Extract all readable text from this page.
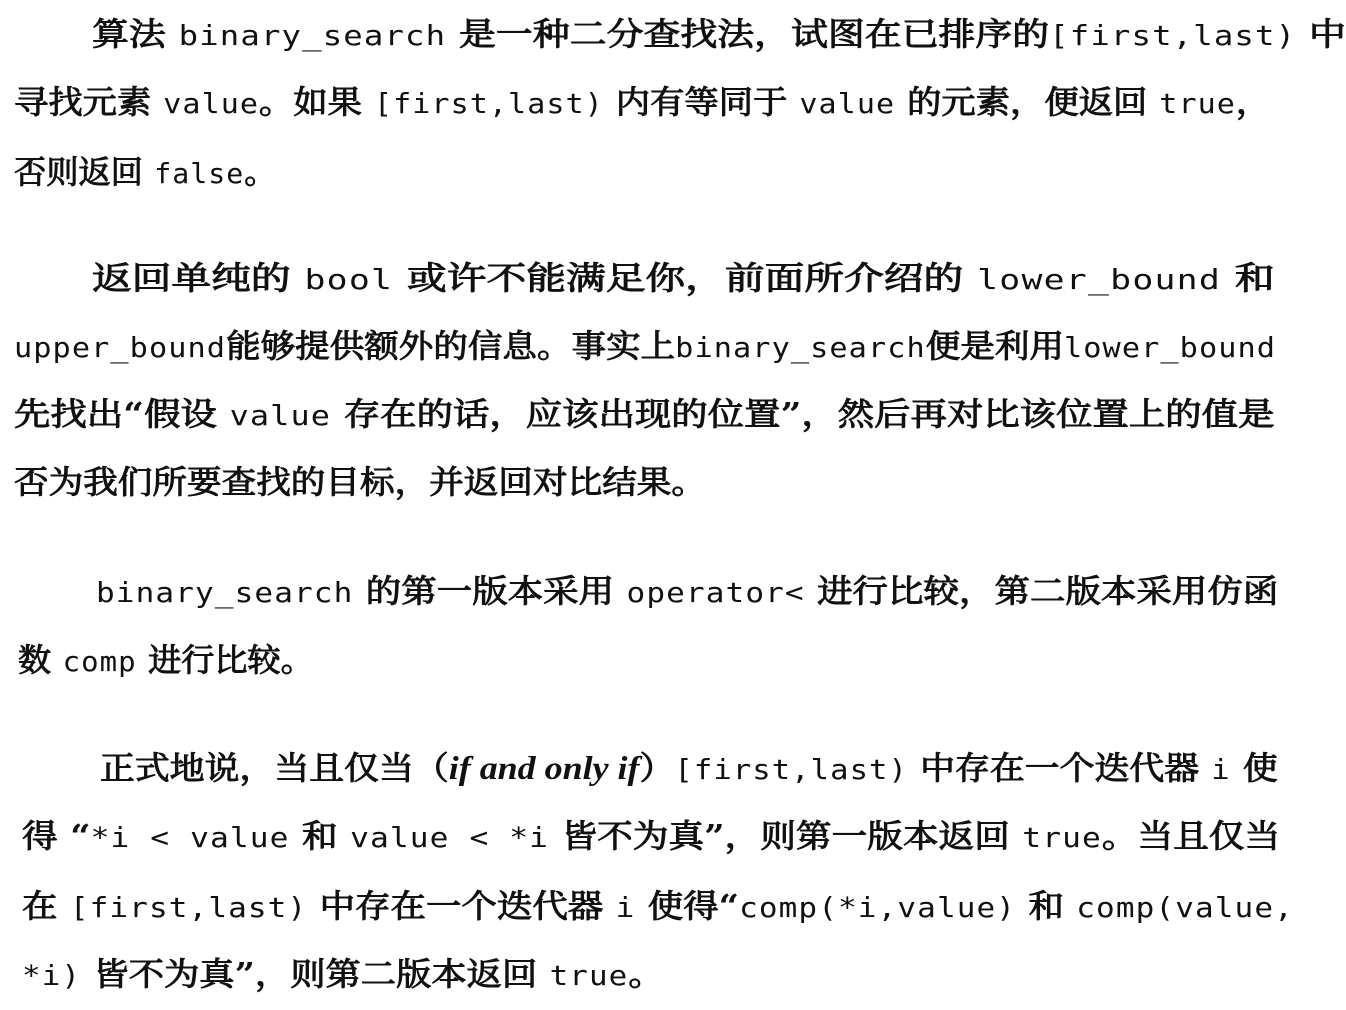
算法 binary_search 是一种二分查找法，试图在已排序的[first,last) 中
寻找元素 value。如果 [first,last) 内有等同于 value 的元素，便返回 true，
否则返回 false。
返回单纯的 bool 或许不能满足你，前面所介绍的 lower_bound 和
upper_bound能够提供额外的信息。事实上binary_search便是利用lower_bound
先找出“假设 value 存在的话，应该出现的位置”，然后再对比该位置上的值是
否为我们所要查找的目标，并返回对比结果。
binary_search 的第一版本采用 operator< 进行比较，第二版本采用仿函
数 comp 进行比较。
正式地说，当且仅当（if and only if）[first,last) 中存在一个迭代器 i 使
得 “*i < value 和 value < *i 皆不为真”，则第一版本返回 true。当且仅当
在 [first,last) 中存在一个迭代器 i 使得“comp(*i,value) 和 comp(value,
*i) 皆不为真”，则第二版本返回 true。
